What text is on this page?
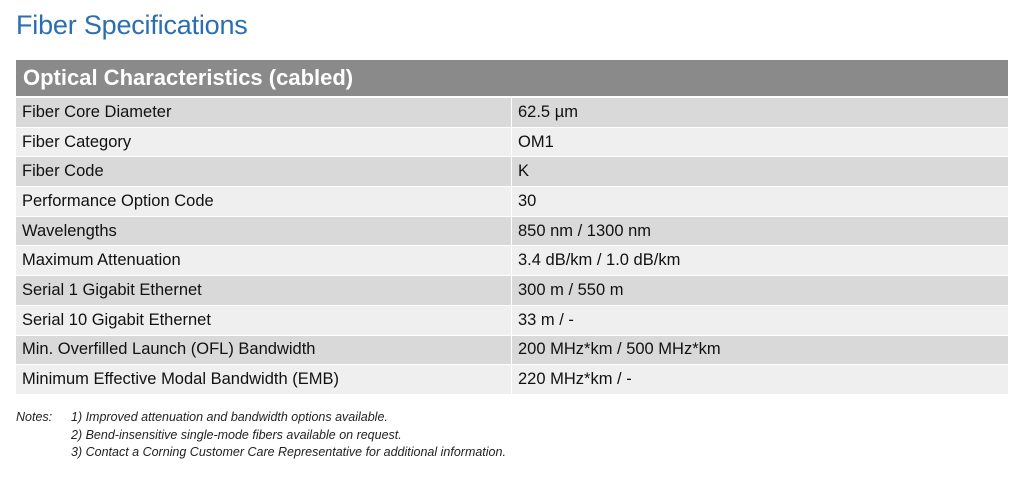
Fiber Specifications
Optical Characteristics (cabled)
Fiber Core Diameter	62.5 µm
Fiber Category	OM1
Fiber Code	K
Performance Option Code	30
Wavelengths	850 nm / 1300 nm
Maximum Attenuation	3.4 dB/km / 1.0 dB/km
Serial 1 Gigabit Ethernet	300 m / 550 m
Serial 10 Gigabit Ethernet	33 m / -
Min. Overfilled Launch (OFL) Bandwidth	200 MHz*km / 500 MHz*km
Minimum Effective Modal Bandwidth (EMB)	220 MHz*km / -
Notes:	1) Improved attenuation and bandwidth options available.
2) Bend-insensitive single-mode fibers available on request.
3) Contact a Corning Customer Care Representative for additional information.
